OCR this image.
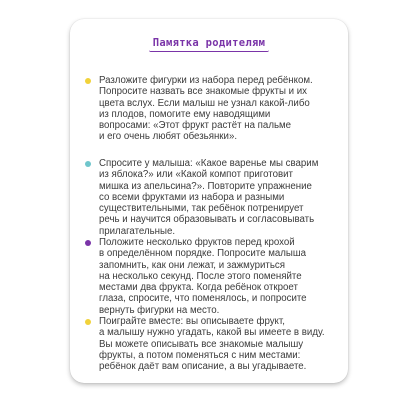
Памятка родителям
Разложите фигурки из набора перед ребёнком.
Попросите назвать все знакомые фрукты и их
цвета вслух. Если малыш не узнал какой-либо
из плодов, помогите ему наводящими
вопросами: «Этот фрукт растёт на пальме
и его очень любят обезьянки».
Спросите у малыша: «Какое варенье мы сварим
из яблока?» или «Какой компот приготовит
мишка из апельсина?». Повторите упражнение
со всеми фруктами из набора и разными
существительными, так ребёнок потренирует
речь и научится образовывать и согласовывать
прилагательные.
Положите несколько фруктов перед крохой
в определённом порядке. Попросите малыша
запомнить, как они лежат, и зажмуриться
на несколько секунд. После этого поменяйте
местами два фрукта. Когда ребёнок откроет
глаза, спросите, что поменялось, и попросите
вернуть фигурки на место.
Поиграйте вместе: вы описываете фрукт,
а малышу нужно угадать, какой вы имеете в виду.
Вы можете описывать все знакомые малышу
фрукты, а потом поменяться с ним местами:
ребёнок даёт вам описание, а вы угадываете.
